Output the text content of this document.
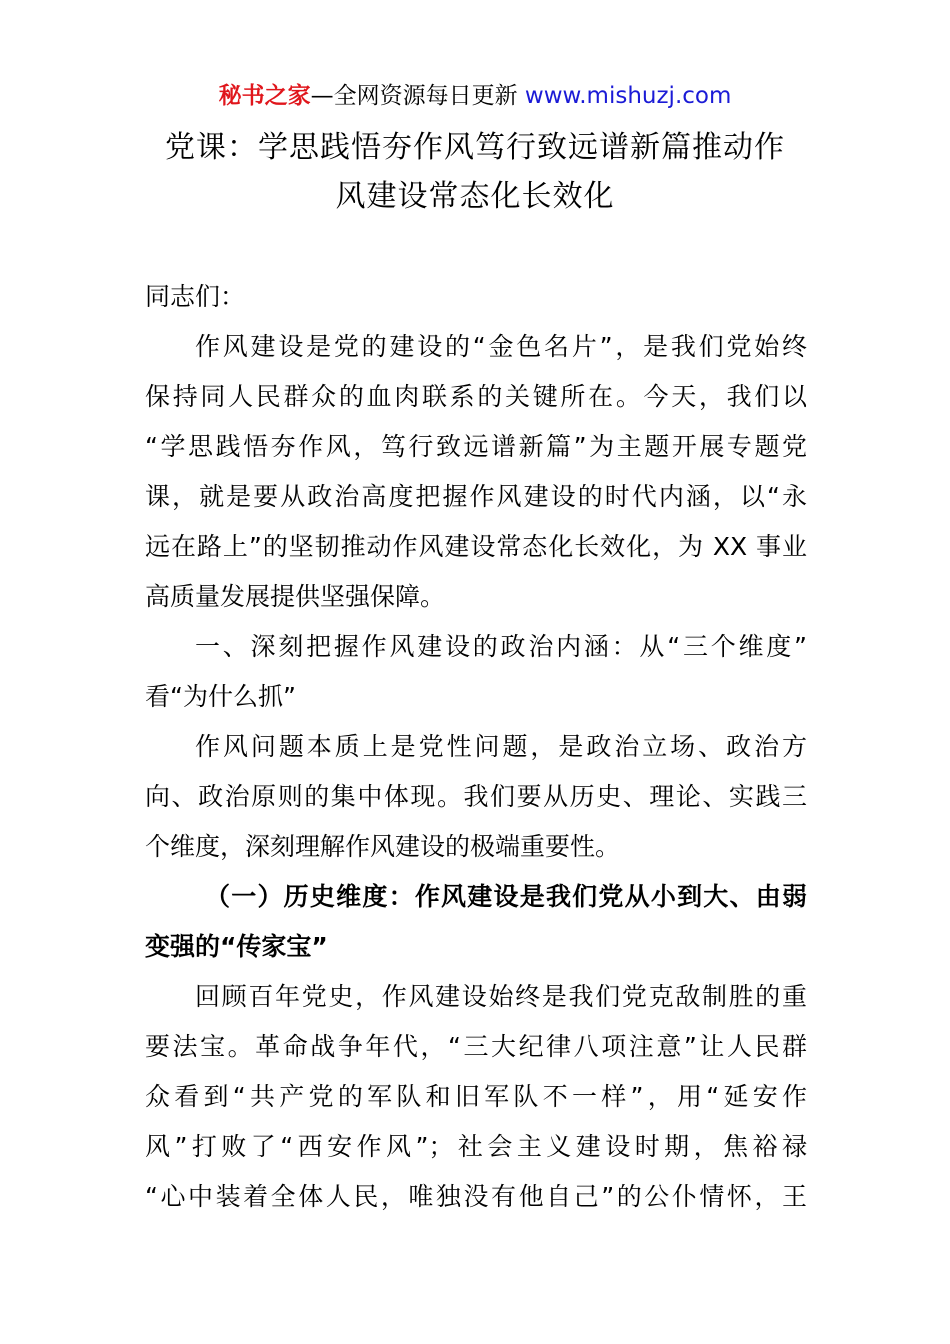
秘书之家—全网资源每日更新 www.mishuzj.com
党课：学思践悟夯作风笃行致远谱新篇推动作
风建设常态化长效化
同志们：
作风建设是党的建设的“金色名片”，是我们党始终
保持同人民群众的血肉联系的关键所在。今天，我们以
“学思践悟夯作风，笃行致远谱新篇”为主题开展专题党
课，就是要从政治高度把握作风建设的时代内涵，以“永
远在路上”的坚韧推动作风建设常态化长效化，为 XX 事业
高质量发展提供坚强保障。
一、深刻把握作风建设的政治内涵：从“三个维度”
看“为什么抓”
作风问题本质上是党性问题，是政治立场、政治方
向、政治原则的集中体现。我们要从历史、理论、实践三
个维度，深刻理解作风建设的极端重要性。
（一）历史维度：作风建设是我们党从小到大、由弱
变强的“传家宝”
回顾百年党史，作风建设始终是我们党克敌制胜的重
要法宝。革命战争年代，“三大纪律八项注意”让人民群
众看到“共产党的军队和旧军队不一样”，用“延安作
风”打败了“西安作风”；社会主义建设时期，焦裕禄
“心中装着全体人民，唯独没有他自己”的公仆情怀，王
